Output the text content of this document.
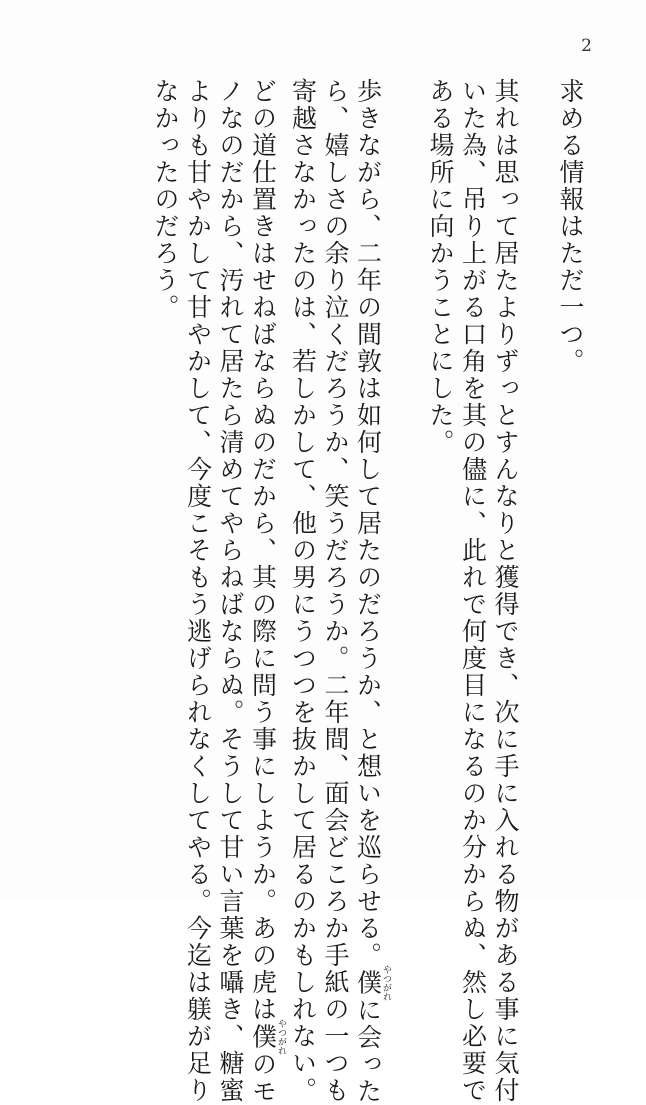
2
求める情報はただ一つ。
其れは思って居たよりずっとすんなりと獲得でき、次に手に入れる物がある事に気付
いた為、吊り上がる口角を其の儘に、此れで何度目になるのか分からぬ、然し必要で
ある場所に向かうことにした。
歩きながら、二年の間敦は如何して居たのだろうか、と想いを巡らせる。僕やつがれに会った
ら、嬉しさの余り泣くだろうか、笑うだろうか。二年間、面会どころか手紙の一つも
寄越さなかったのは、若しかして、他の男にうつつを抜かして居るのかもしれない。
どの道仕置きはせねばならぬのだから、其の際に問う事にしようか。あの虎は僕やつがれのモ
ノなのだから、汚れて居たら清めてやらねばならぬ。そうして甘い言葉を囁き、糖蜜
よりも甘やかして甘やかして、今度こそもう逃げられなくしてやる。今迄は躾が足り
なかったのだろう。
